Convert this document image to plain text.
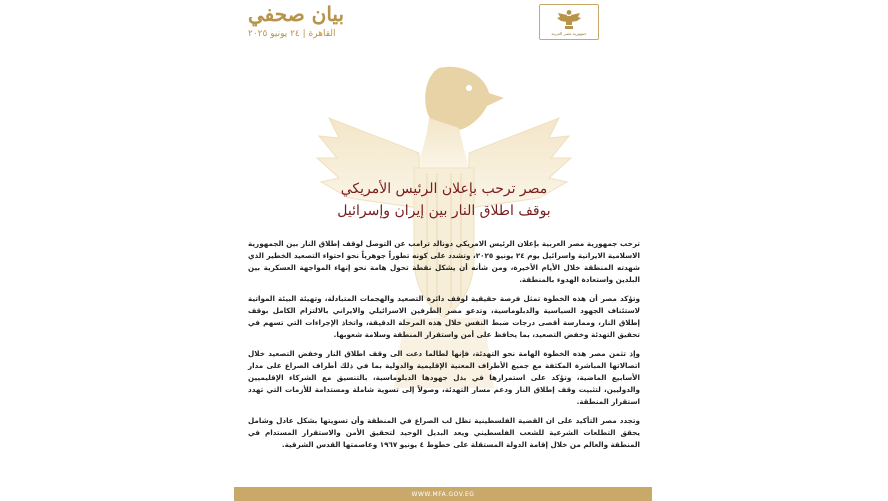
بيان صحفي
القاهرة | ٢٤ يونيو ٢٠٢٥	جمهورية مصر العربية
مصر ترحب بإعلان الرئيس الأمريكي
بوقف اطلاق النار بين إيران وإسرائيل

ترحب جمهورية مصر العربية بإعلان الرئيس الامريكي دونالد ترامب عن التوصل لوقف إطلاق النار بين الجمهورية الاسلامية الايرانية واسرائيل يوم ٢٤ يونيو ٢٠٢٥، وتشدد على كونه تطوراً جوهرياً نحو احتواء التصعيد الخطير الذي شهدته المنطقة خلال الأيام الأخيرة، ومن شأنه أن يشكل نقطة تحول هامة نحو إنهاء المواجهة العسكرية بين البلدين واستعادة الهدوء بالمنطقة.

وتؤكد مصر أن هذه الخطوة تمثل فرصة حقيقية لوقف دائرة التصعيد والهجمات المتبادلة، وتهيئة البيئة المواتية لاستئناف الجهود السياسية والدبلوماسية، وتدعو مصر الطرفين الاسرائيلي والايراني بالالتزام الكامل بوقف إطلاق النار، وممارسة أقصى درجات ضبط النفس خلال هذه المرحلة الدقيقة، واتخاذ الإجراءات التي تسهم في تحقيق التهدئة وخفض التصعيد، بما يحافظ على أمن واستقرار المنطقة وسلامة شعوبها.

وإذ تثمن مصر هذه الخطوة الهامة نحو التهدئة، فإنها لطالما دعت الى وقف اطلاق النار وخفض التصعيد خلال اتصالاتها المباشرة المكثفة مع جميع الأطراف المعنية الإقليمية والدولية بما في ذلك أطراف الصراع على مدار الأسابيع الماضية، وتؤكد على استمرارها في بذل جهودها الدبلوماسية، بالتنسيق مع الشركاء الإقليميين والدوليين، لتثبيت وقف إطلاق النار ودعم مسار التهدئة، وصولاً إلى تسوية شاملة ومستدامة للأزمات التي تهدد استقرار المنطقة.

وتجدد مصر التأكيد على ان القضية الفلسطينية تظل لب الصراع في المنطقة وأن تسويتها بشكل عادل وشامل يحقق التطلعات الشرعية للشعب الفلسطيني ويعد البديل الوحيد لتحقيق الأمن والاستقرار المستدام في المنطقة والعالم من خلال إقامة الدولة المستقلة على خطوط ٤ يونيو ١٩٦٧ وعاصمتها القدس الشرقية.

WWW.MFA.GOV.EG
